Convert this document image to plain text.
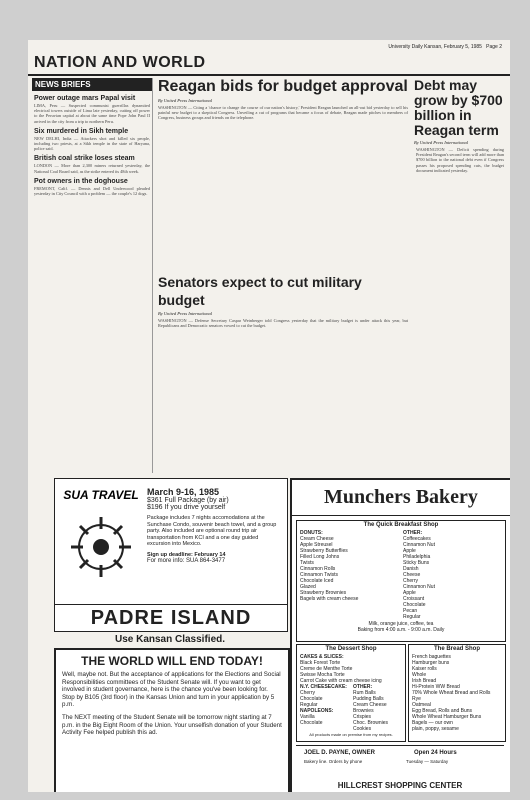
NATION AND WORLD
University Daily Kansan, February 5, 1985 Page 2
NEWS BRIEFS
Power outage mars Papal visit
LIMA, Peru — Suspected communist guerrillas dynamited electrical towers outside of Lima late yesterday, cutting off power to the Peruvian capital at about the same time Pope John Paul II arrived in the city from a trip to northern Peru.
Six murdered in Sikh temple
NEW DELHI, India — Attackers shot and killed six people, including two priests, at a Sikh temple in the state of Haryana, police said.
British coal strike loses steam
LONDON — More than 2,300 miners returned yesterday, the National Coal Board said, as the strike entered its 48th week.
Pot owners in the doghouse
FREMONT, Calif. — Dennis and Dell Underwood pleaded yesterday in City Council with a problem — the couple's 12 dogs.
Reagan bids for budget approval
By United Press International
WASHINGTON — Citing a 'chance to change the course of our nation's history,' President Reagan launched an all-out bid yesterday to sell his painful new budget to a skeptical Congress. Unveiling a cut of programs that became a focus of debate, Reagan made pitches to members of Congress, business groups and friends on the telephone.
Senators expect to cut military budget
By United Press International
WASHINGTON — Defense Secretary Caspar Weinberger told Congress yesterday that the military budget is under attack this year, but Republicans and Democratic senators vowed to cut the budget.
Debt may grow by $700 billion in Reagan term
By United Press International
WASHINGTON — Deficit spending during President Reagan's second term will add more than $700 billion to the national debt even if Congress passes his proposed spending cuts, the budget document indicated yesterday.
SUA TRAVEL March 9-16, 1985
$361 Full Package (by air)
$196 If you drive yourself
Package includes 7 nights accomodations at the Sunchase Condo, souvenir beach towel, and a group party. Also included are optional round trip air transportation from KCI and a one day guided excursion into Mexico.
Sign up deadline: February 14
For more info: SUA 864-3477
PADRE ISLAND
Use Kansan Classified.
THE WORLD WILL END TODAY!
Well, maybe not. But the acceptance of applications for the Elections and Social Responsibilities committees of the Student Senate will. If you want to get involved in student governance, here is the chance you've been looking for. Stop by B105 (3rd floor) in the Kansas Union and turn in your application by 5 p.m.
The NEXT meeting of the Student Senate will be tomorrow night starting at 7 p.m. in the Big Eight Room of the Union. Your unselfish donation of your Student Activity Fee helped publish this ad.
Munchers Bakery
The Quick Breakfast Shop
DONUTS:
Cream Cheese
Apple Streusel
Strawberry Butterflies
Filled Long Johns
Twists
Cinnamon Rolls
Cinnamon Twists
Chocolate Iced
Glazed
Strawberry Brownies
Bagels with cream cheese
OTHER:
Coffeecakes
Cinnamon Nut
Apple
Philadelphia
Sticky Buns
Danish
Cheese
Cherry
Cinnamon Nut
Apple
Croissant
Chocolate
Pecan
Regular
Milk, orange juice, coffee, tea
Baking from 4:00 a.m. - 9:00 a.m. Daily
The Dessert Shop
CAKES & SLICES:
Black Forest Torte
Creme de Menthe Torte
Swisse Mocha Torte
Carrot Cake with cream cheese icing
N.Y. CHEESECAKE:
Cherry
Chocolate
Regular
NAPOLEONS:
Vanilla
Chocolate
OTHER:
Rum Balls
Pudding Balls
Cream Cheese Brownies
Crispies
Choc. Brownies
Cookies
All products made on premise from my recipes.
The Bread Shop
French baguettes
Hamburger buns
Kaiser rolls
Whole
Irish Bread
Hi-Protein WW Bread
70% Whole Wheat Bread and Rolls
Rye
Oatmeal
Egg Bread, Rolls and Buns
Whole Wheat Hamburger Buns
Bagels — our own
plain, poppy, sesame
JOEL D. PAYNE, OWNER
Bakery line. Orders by phone
Open 24 Hours
Tuesday — Saturday
HILLCREST SHOPPING CENTER
